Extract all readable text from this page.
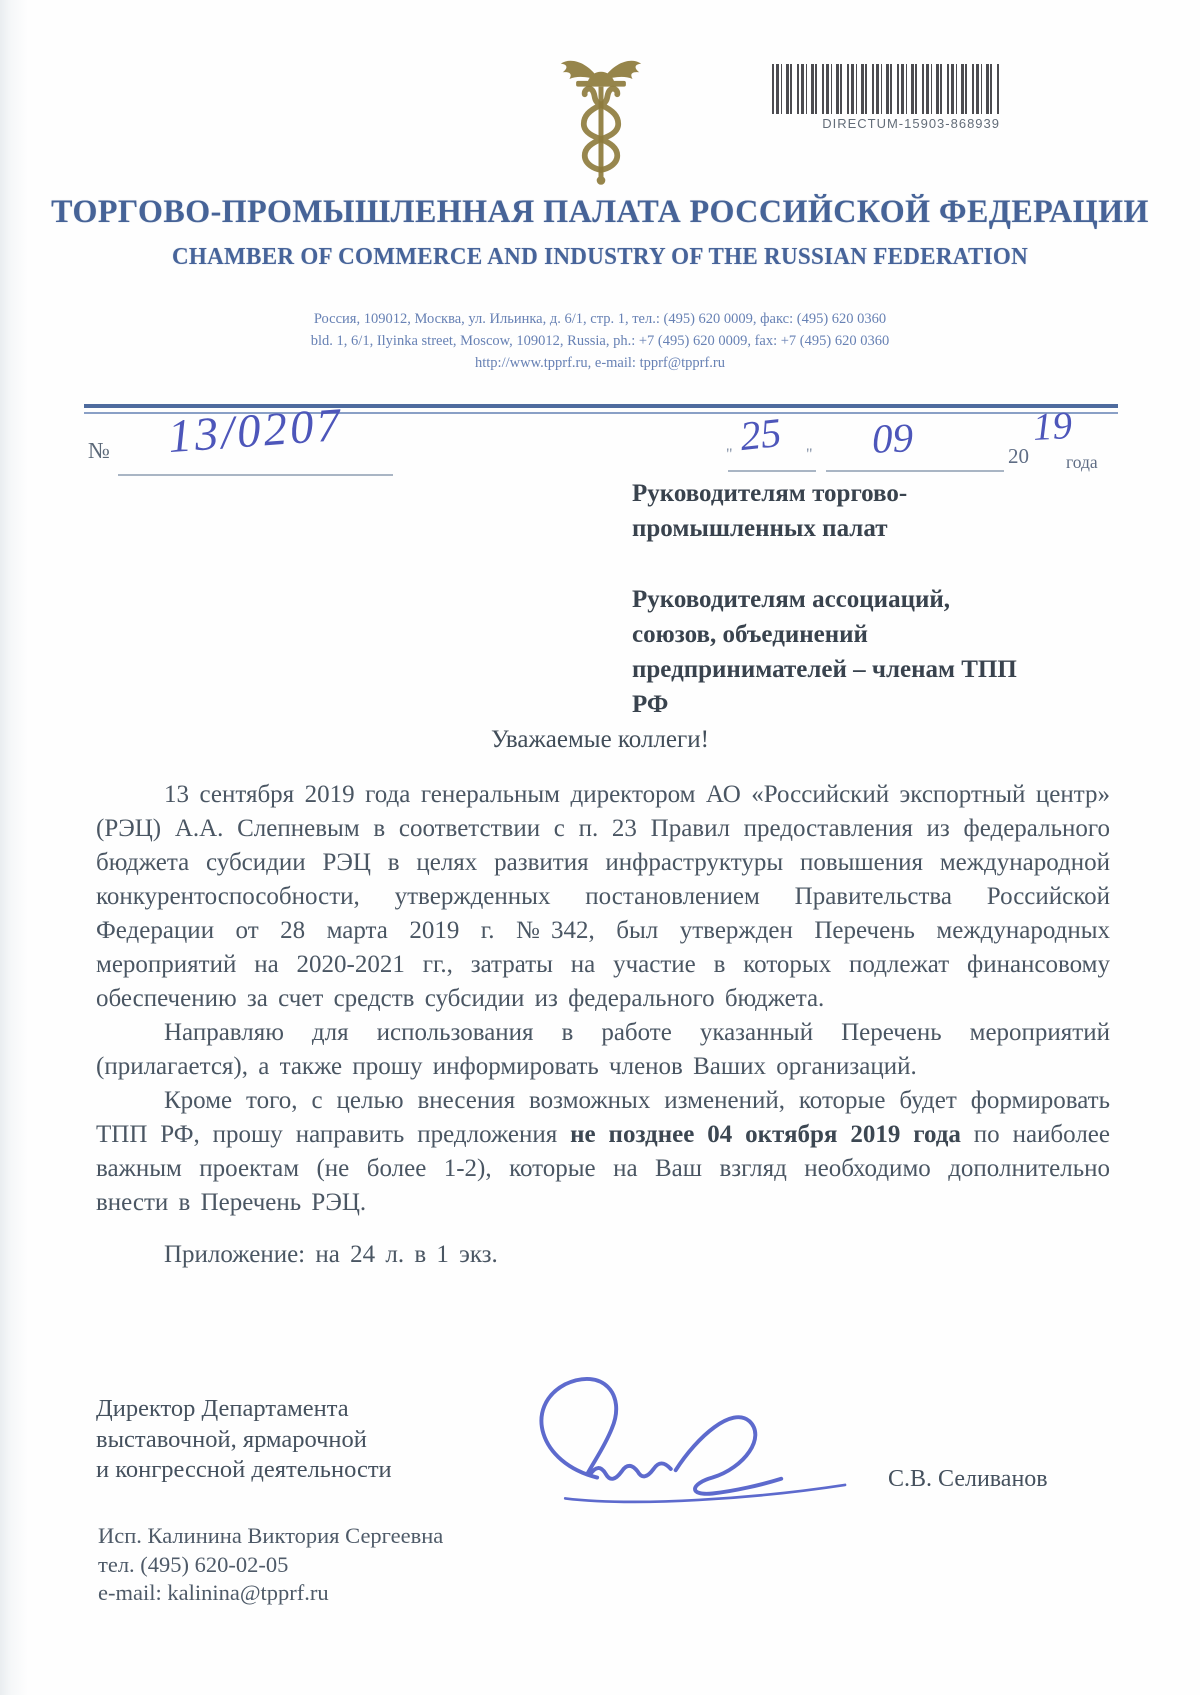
DIRECTUM-15903-868939
ТОРГОВО-ПРОМЫШЛЕННАЯ ПАЛАТА РОССИЙСКОЙ ФЕДЕРАЦИИ
CHAMBER OF COMMERCE AND INDUSTRY OF THE RUSSIAN FEDERATION
Россия, 109012, Москва, ул. Ильинка, д. 6/1, стр. 1, тел.: (495) 620 0009, факс: (495) 620 0360
bld. 1, 6/1, Ilyinka street, Moscow, 109012, Russia, ph.: +7 (495) 620 0009, fax: +7 (495) 620 0360
http://www.tpprf.ru, e-mail: tpprf@tpprf.ru
№ 13/0207	" 25 " 09	20
19
года

Руководителям торгово-промышленных палат

Руководителям ассоциаций, союзов, объединений предпринимателей – членам ТПП РФ

Уважаемые коллеги!

13 сентября 2019 года генеральным директором АО «Российский экспортный центр» (РЭЦ) А.А. Слепневым в соответствии с п. 23 Правил предоставления из федерального бюджета субсидии РЭЦ в целях развития инфраструктуры повышения международной конкурентоспособности, утвержденных постановлением Правительства Российской Федерации от 28 марта 2019 г. №342, был утвержден Перечень международных мероприятий на 2020-2021 гг., затраты на участие в которых подлежат финансовому обеспечению за счет средств субсидии из федерального бюджета.

Направляю для использования в работе указанный Перечень мероприятий (прилагается), а также прошу информировать членов Ваших организаций.

Кроме того, с целью внесения возможных изменений, которые будет формировать ТПП РФ, прошу направить предложения не позднее 04 октября 2019 года по наиболее важным проектам (не более 1-2), которые на Ваш взгляд необходимо дополнительно внести в Перечень РЭЦ.

Приложение: на 24 л. в 1 экз.

Директор Департамента
выставочной, ярмарочной
и конгрессной деятельности	С.В. Селиванов
Исп. Калинина Виктория Сергеевна
тел. (495) 620-02-05
e-mail: kalinina@tpprf.ru
